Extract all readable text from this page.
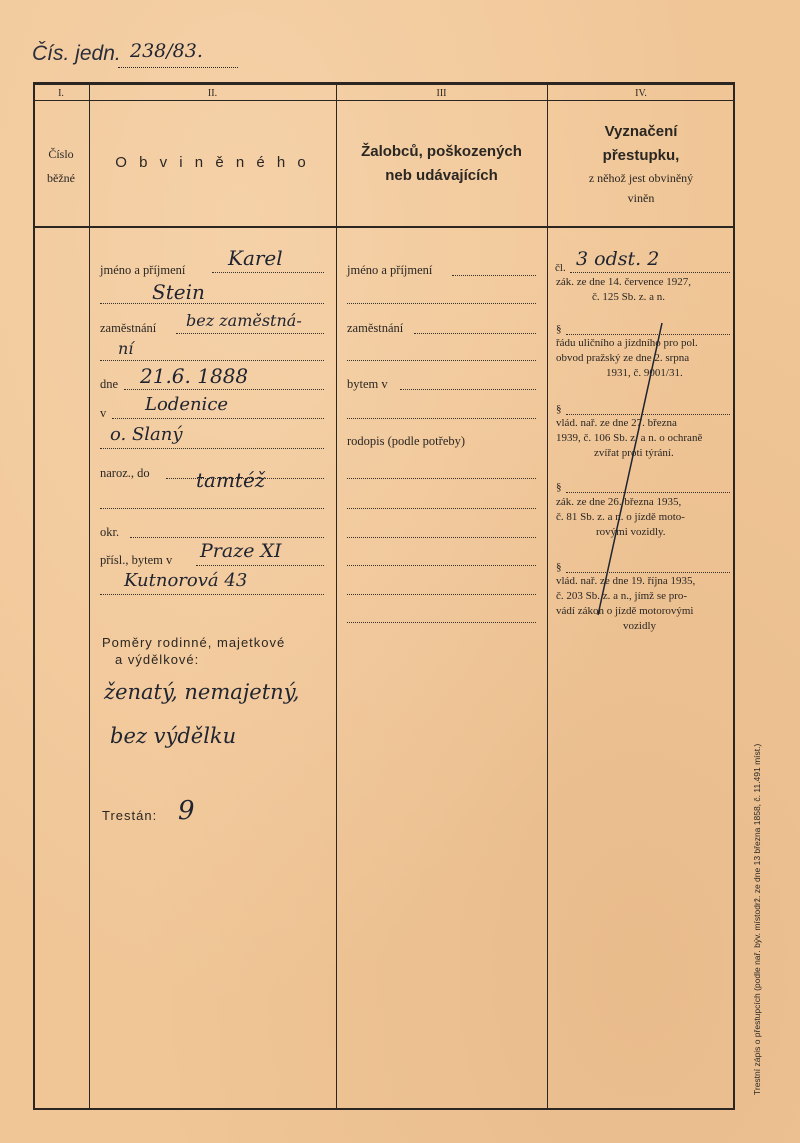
Čís. jedn. 238/83.
I.	II.	III	IV.
Číslo
běžné
O b v i n ě n é h o
Žalobců, poškozených
neb udávajících
Vyznačení
přestupku,
z něhož jest obviněný
viněn
jméno a příjmení Karel
Stein
zaměstnání bez zaměstná-
ní
dne 21.6. 1888
v Lodenice
o. Slaný
naroz., do tamtéž
okr.
přísl., bytem v Praze XI
Kutnorová 43
Poměry rodinné, majetkové
a výdělkové:
ženatý, nemajetný,
bez výdělku
Trestán: 9
jméno a příjmení
zaměstnání
bytem v
rodopis (podle potřeby)
čl. 3 odst. 2
zák. ze dne 14. července 1927,
č. 125 Sb. z. a n.
§
řádu uličního a jízdního pro pol.
obvod pražský ze dne 2. srpna
1931, č. 9001/31.
§
vlád. nař. ze dne 27. března
1939, č. 106 Sb. z. a n. o ochraně
zvířat proti týrání.
§
zák. ze dne 26. března 1935,
č. 81 Sb. z. a n. o jízdě moto-
rovými vozidly.
§
vlád. nař. ze dne 19. října 1935,
č. 203 Sb. z. a n., jímž se pro-
vádí zákon o jízdě motorovými
vozidly
Trestní zápis o přestupcích (podle nař. býv. místodrž. ze dne 13 března 1858, č. 11.491 míst.)
